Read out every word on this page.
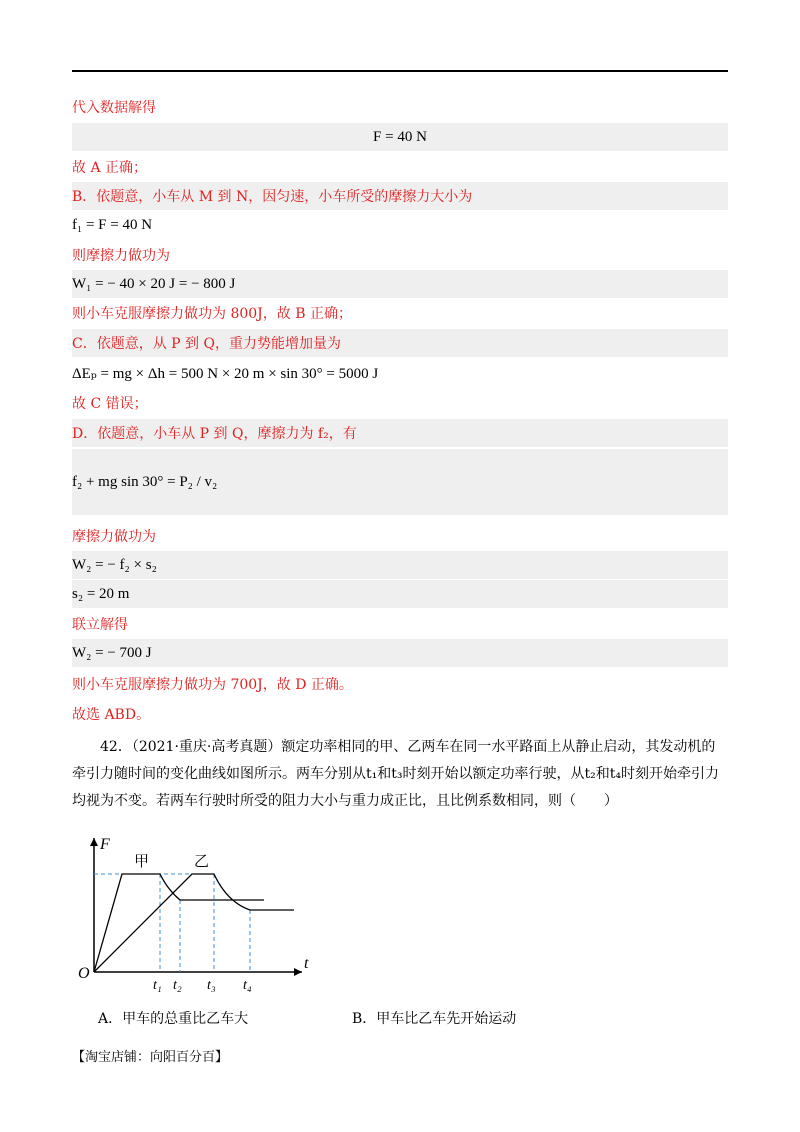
代入数据解得
F = 40 N
故 A 正确；
B．依题意，小车从 M 到 N，因匀速，小车所受的摩擦力大小为
f₁ = F = 40 N
则摩擦力做功为
W₁ = − 40 × 20 J = − 800 J
则小车克服摩擦力做功为 800J，故 B 正确；
C．依题意，从 P 到 Q，重力势能增加量为
ΔEₚ = mg × Δh = 500 N × 20 m × sin 30° = 5000 J
故 C 错误；
D．依题意，小车从 P 到 Q，摩擦力为 f₂，有
f₂ + mg sin 30° = P₂ / v₂
摩擦力做功为
W₂ = − f₂ × s₂
s₂ = 20 m
联立解得
W₂ = − 700 J
则小车克服摩擦力做功为 700J，故 D 正确。
故选 ABD。
42．（2021·重庆·高考真题）额定功率相同的甲、乙两车在同一水平路面上从静止启动，其发动机的牵引力随时间的变化曲线如图所示。两车分别从t₁和t₃时刻开始以额定功率行驶，从t₂和t₄时刻开始牵引力均视为不变。若两车行驶时所受的阻力大小与重力成正比，且比例系数相同，则（　　）
F
t
O
甲	乙
t₁ t₂ t₃ t₄
A．甲车的总重比乙车大	B．甲车比乙车先开始运动
【淘宝店铺：向阳百分百】
